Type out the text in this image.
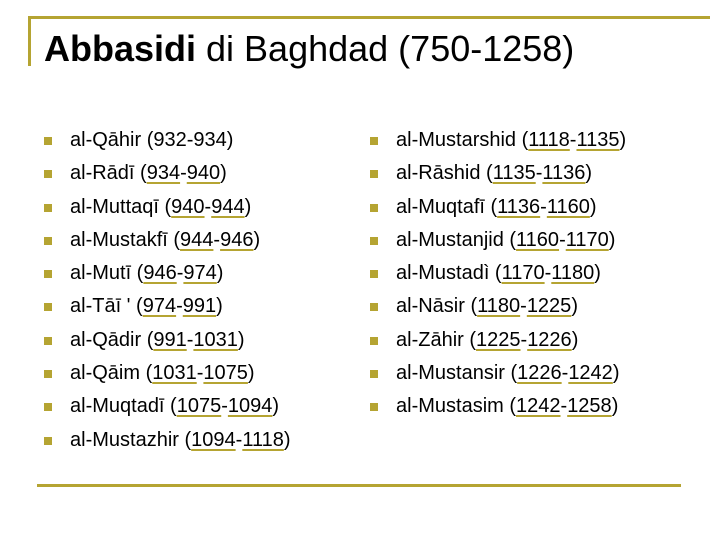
Abbasidi di Baghdad (750-1258)
al-Qāhir (932-934)
al-Rādī (934-940)
al-Muttaqī (940-944)
al-Mustakfī (944-946)
al-Mutī (946-974)
al-Tāī ' (974-991)
al-Qādir (991-1031)
al-Qāim (1031-1075)
al-Muqtadī (1075-1094)
al-Mustazhir (1094-1118)
al-Mustarshid (1118-1135)
al-Rāshid (1135-1136)
al-Muqtafī (1136-1160)
al-Mustanjid (1160-1170)
al-Mustadì (1170-1180)
al-Nāsir (1180-1225)
al-Zāhir (1225-1226)
al-Mustansir (1226-1242)
al-Mustasim (1242-1258)
